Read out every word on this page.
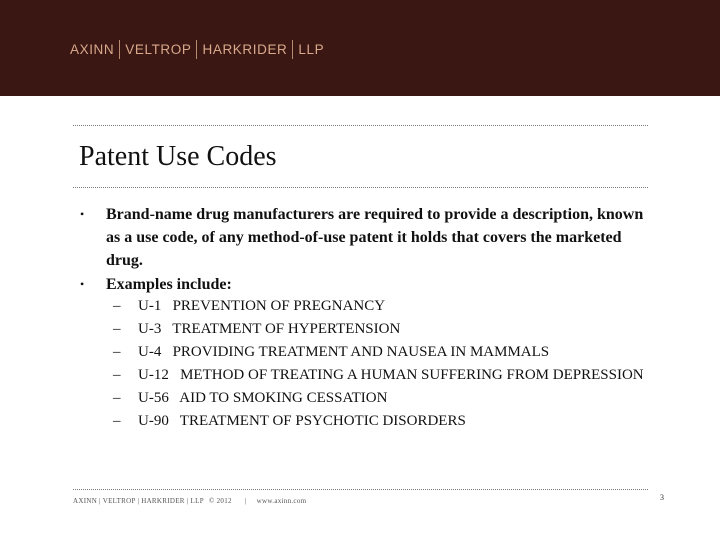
AXINN VELTROP HARKRIDER LLP
Patent Use Codes
• Brand-name drug manufacturers are required to provide a description, known as a use code, of any method-of-use patent it holds that covers the marketed drug.
• Examples include:
– U-1   PREVENTION OF PREGNANCY
– U-3   TREATMENT OF HYPERTENSION
– U-4   PROVIDING TREATMENT AND NAUSEA IN MAMMALS
– U-12   METHOD OF TREATING A HUMAN SUFFERING FROM DEPRESSION
– U-56   AID TO SMOKING CESSATION
– U-90   TREATMENT OF PSYCHOTIC DISORDERS
AXINN | VELTROP | HARKRIDER | LLP © 2012 | www.axinn.com	3
